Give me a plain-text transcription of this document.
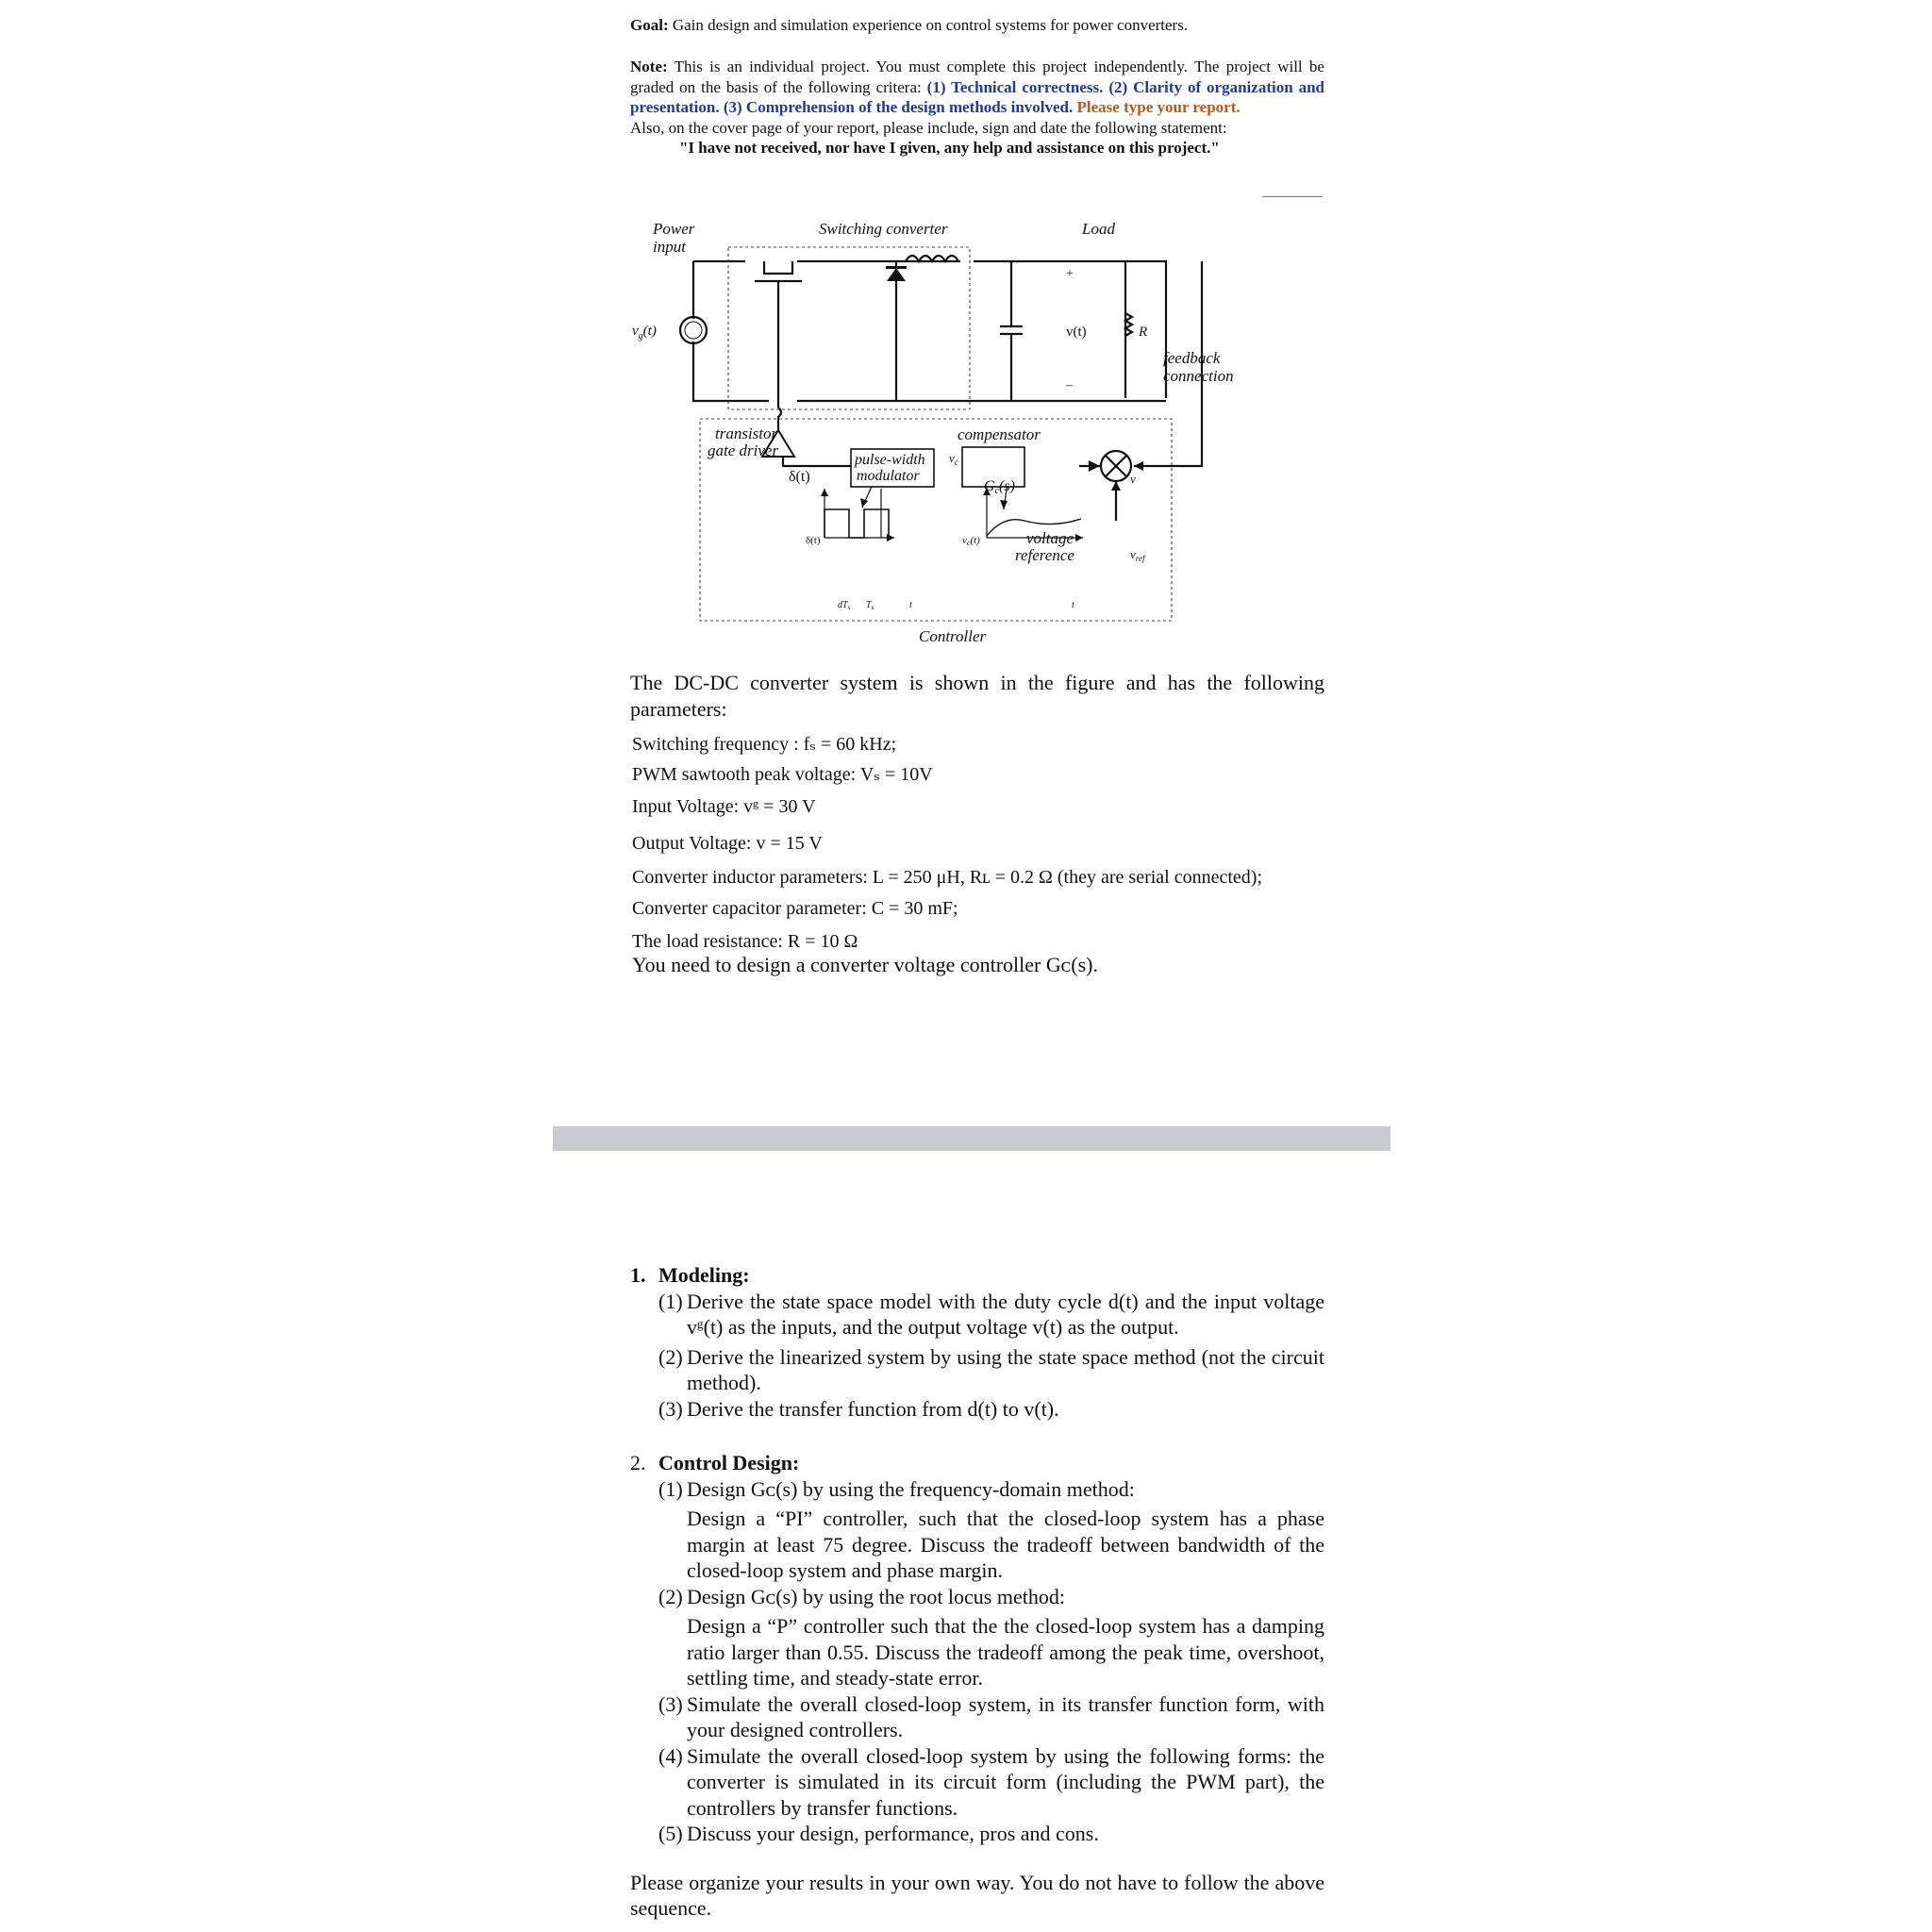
Goal: Gain design and simulation experience on control systems for power converters.
Note: This is an individual project. You must complete this project independently. The project will be graded on the basis of the following critera: (1) Technical correctness. (2) Clarity of organization and presentation. (3) Comprehension of the design methods involved. Please type your report.
Also, on the cover page of your report, please include, sign and date the following statement:
"I have not received, nor have I given, any help and assistance on this project."
Power
input
Switching converter	Load
feedback
connection
transistor
gate driver
pulse-width
modulator
compensator
voltage
reference
Controller
$v_g(t)$
+
–
v(t)	R
δ(t)
$v_c$
Gc(s)	v
$v_{ref}$
δ(t)	vc(t)
$dT_s$ $T_s$	t	t
The DC-DC converter system is shown in the figure and has the following parameters:
Switching frequency : fₛ = 60 kHz;
PWM sawtooth peak voltage: Vₛ = 10V
Input Voltage: vᵍ = 30 V
Output Voltage: v = 15 V
Converter inductor parameters: L = 250 μH, Rʟ = 0.2 Ω (they are serial connected);
Converter capacitor parameter: C = 30 mF;
The load resistance: R = 10 Ω
You need to design a converter voltage controller Gᴄ(s).
1. Modeling:
(1) Derive the state space model with the duty cycle d(t) and the input voltage vᵍ(t) as the inputs, and the output voltage v(t) as the output.
(2) Derive the linearized system by using the state space method (not the circuit method).
(3) Derive the transfer function from d(t) to v(t).
2. Control Design:
(1) Design Gᴄ(s) by using the frequency-domain method:
Design a “PI” controller, such that the closed-loop system has a phase margin at least 75 degree. Discuss the tradeoff between bandwidth of the closed-loop system and phase margin.
(2) Design Gᴄ(s) by using the root locus method:
Design a “P” controller such that the the closed-loop system has a damping ratio larger than 0.55. Discuss the tradeoff among the peak time, overshoot, settling time, and steady-state error.
(3) Simulate the overall closed-loop system, in its transfer function form, with your designed controllers.
(4) Simulate the overall closed-loop system by using the following forms: the converter is simulated in its circuit form (including the PWM part), the controllers by transfer functions.
(5) Discuss your design, performance, pros and cons.
Please organize your results in your own way. You do not have to follow the above sequence.
